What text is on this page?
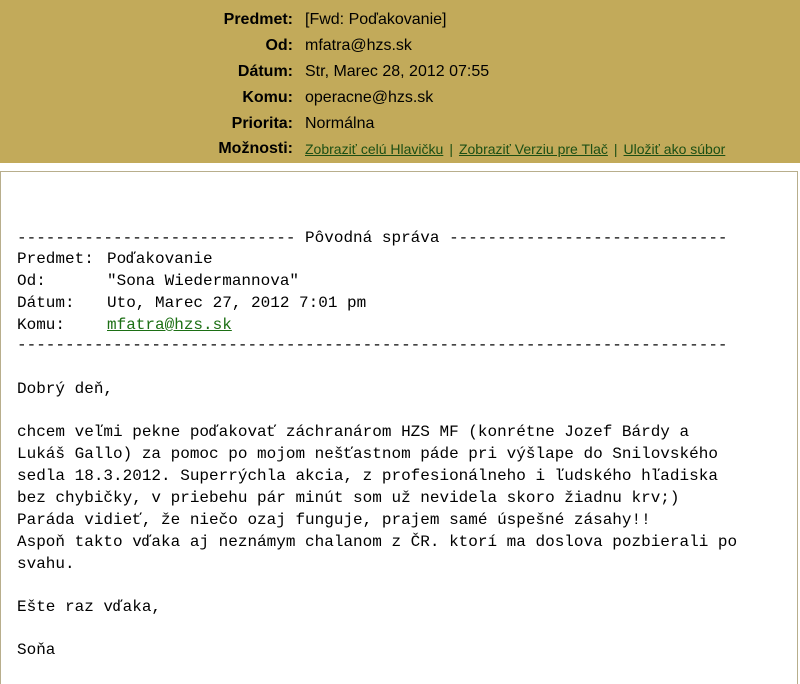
Predmet: [Fwd: Poďakovanie]
Od: mfatra@hzs.sk
Dátum: Str, Marec 28, 2012 07:55
Komu: operacne@hzs.sk
Priorita: Normálna
Možnosti: Zobraziť celú Hlavičku | Zobraziť Verziu pre Tlač | Uložiť ako súbor

----------------------------- Pôvodná správa -----------------------------

Predmet: Poďakovanie

Od:	"Sona Wiedermannova"

Dátum:	Uto, Marec 27, 2012 7:01 pm

Komu:	mfatra@hzs.sk

--------------------------------------------------------------------------

Dobrý deň,

chcem veľmi pekne poďakovať záchranárom HZS MF (konrétne Jozef Bárdy a

Lukáš Gallo) za pomoc po mojom nešťastnom páde pri výšlape do Snilovského

sedla 18.3.2012. Superrýchla akcia, z profesionálneho i ľudského hľadiska

bez chybičky, v priebehu pár minút som už nevidela skoro žiadnu krv;)

Paráda vidieť, že niečo ozaj funguje, prajem samé úspešné zásahy!!

Aspoň takto vďaka aj neznámym chalanom z ČR. ktorí ma doslova pozbierali po

svahu.

Ešte raz vďaka,

Soňa
